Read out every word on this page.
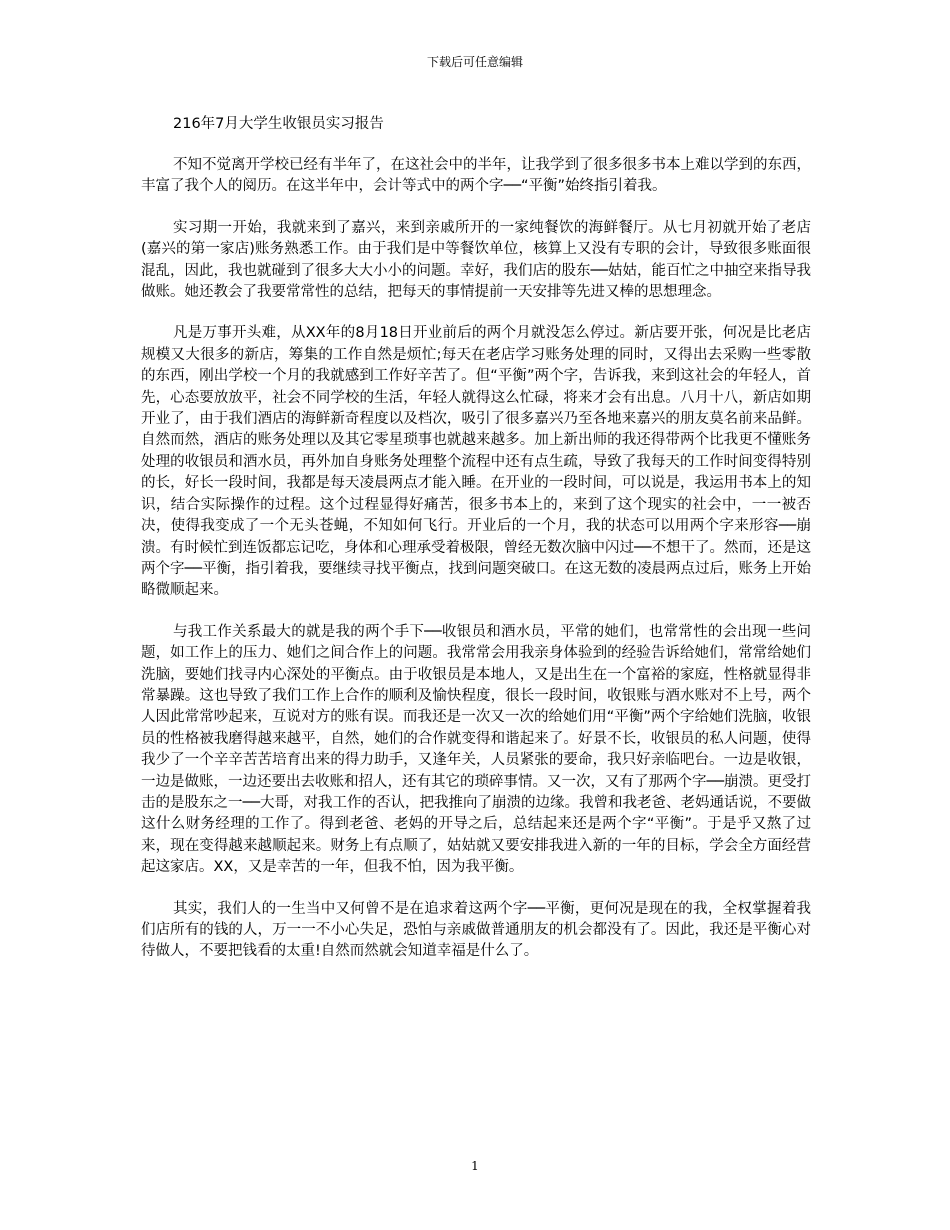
下载后可任意编辑

216年7月大学生收银员实习报告

不知不觉离开学校已经有半年了，在这社会中的半年，让我学到了很多很多书本上难以学到的东西，丰富了我个人的阅历。在这半年中，会计等式中的两个字──“平衡”始终指引着我。

实习期一开始，我就来到了嘉兴，来到亲戚所开的一家纯餐饮的海鲜餐厅。从七月初就开始了老店(嘉兴的第一家店)账务熟悉工作。由于我们是中等餐饮单位，核算上又没有专职的会计，导致很多账面很混乱，因此，我也就碰到了很多大大小小的问题。幸好，我们店的股东──姑姑，能百忙之中抽空来指导我做账。她还教会了我要常常性的总结，把每天的事情提前一天安排等先进又棒的思想理念。

凡是万事开头难，从XX年的8月18日开业前后的两个月就没怎么停过。新店要开张，何况是比老店规模又大很多的新店，筹集的工作自然是烦忙;每天在老店学习账务处理的同时，又得出去采购一些零散的东西，刚出学校一个月的我就感到工作好辛苦了。但“平衡”两个字，告诉我，来到这社会的年轻人，首先，心态要放放平，社会不同学校的生活，年轻人就得这么忙碌，将来才会有出息。八月十八，新店如期开业了，由于我们酒店的海鲜新奇程度以及档次，吸引了很多嘉兴乃至各地来嘉兴的朋友莫名前来品鲜。自然而然，酒店的账务处理以及其它零星琐事也就越来越多。加上新出师的我还得带两个比我更不懂账务处理的收银员和酒水员，再外加自身账务处理整个流程中还有点生疏，导致了我每天的工作时间变得特别的长，好长一段时间，我都是每天凌晨两点才能入睡。在开业的一段时间，可以说是，我运用书本上的知识，结合实际操作的过程。这个过程显得好痛苦，很多书本上的，来到了这个现实的社会中，一一被否决，使得我变成了一个无头苍蝇，不知如何飞行。开业后的一个月，我的状态可以用两个字来形容──崩溃。有时候忙到连饭都忘记吃，身体和心理承受着极限，曾经无数次脑中闪过──不想干了。然而，还是这两个字──平衡，指引着我，要继续寻找平衡点，找到问题突破口。在这无数的凌晨两点过后，账务上开始略微顺起来。

与我工作关系最大的就是我的两个手下──收银员和酒水员，平常的她们，也常常性的会出现一些问题，如工作上的压力、她们之间合作上的问题。我常常会用我亲身体验到的经验告诉给她们，常常给她们洗脑，要她们找寻内心深处的平衡点。由于收银员是本地人，又是出生在一个富裕的家庭，性格就显得非常暴躁。这也导致了我们工作上合作的顺利及愉快程度，很长一段时间，收银账与酒水账对不上号，两个人因此常常吵起来，互说对方的账有误。而我还是一次又一次的给她们用“平衡”两个字给她们洗脑，收银员的性格被我磨得越来越平，自然，她们的合作就变得和谐起来了。好景不长，收银员的私人问题，使得我少了一个辛辛苦苦培育出来的得力助手，又逢年关，人员紧张的要命，我只好亲临吧台。一边是收银，一边是做账，一边还要出去收账和招人，还有其它的琐碎事情。又一次，又有了那两个字──崩溃。更受打击的是股东之一──大哥，对我工作的否认，把我推向了崩溃的边缘。我曾和我老爸、老妈通话说，不要做这什么财务经理的工作了。得到老爸、老妈的开导之后，总结起来还是两个字“平衡”。于是乎又熬了过来，现在变得越来越顺起来。财务上有点顺了，姑姑就又要安排我进入新的一年的目标，学会全方面经营起这家店。XX，又是幸苦的一年，但我不怕，因为我平衡。

其实，我们人的一生当中又何曾不是在追求着这两个字──平衡，更何况是现在的我，全权掌握着我们店所有的钱的人，万一一不小心失足，恐怕与亲戚做普通朋友的机会都没有了。因此，我还是平衡心对待做人，不要把钱看的太重!自然而然就会知道幸福是什么了。

1
